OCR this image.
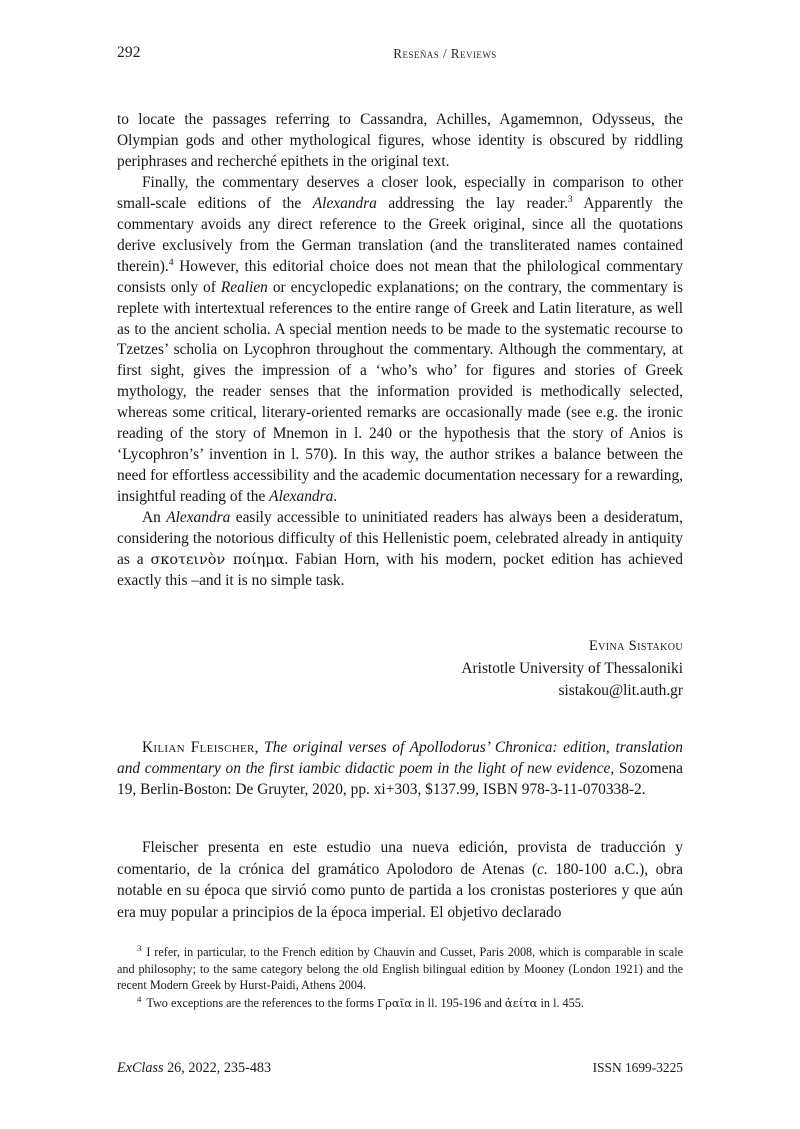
292	Reseñas / Reviews

to locate the passages referring to Cassandra, Achilles, Agamemnon, Odysseus, the Olympian gods and other mythological figures, whose identity is obscured by riddling periphrases and recherché epithets in the original text.

Finally, the commentary deserves a closer look, especially in comparison to other small-scale editions of the Alexandra addressing the lay reader.$^3$ Apparently the commentary avoids any direct reference to the Greek original, since all the quotations derive exclusively from the German translation (and the transliterated names contained therein).$^4$ However, this editorial choice does not mean that the philological commentary consists only of Realien or encyclopedic explanations; on the contrary, the commentary is replete with intertextual references to the entire range of Greek and Latin literature, as well as to the ancient scholia. A special mention needs to be made to the systematic recourse to Tzetzes’ scholia on Lycophron throughout the commentary. Although the commentary, at first sight, gives the impression of a ‘who’s who’ for figures and stories of Greek mythology, the reader senses that the information provided is methodically selected, whereas some critical, literary-oriented remarks are occasionally made (see e.g. the ironic reading of the story of Mnemon in l. 240 or the hypothesis that the story of Anios is ‘Lycophron’s’ invention in l. 570). In this way, the author strikes a balance between the need for effortless accessibility and the academic documentation necessary for a rewarding, insightful reading of the Alexandra.

An Alexandra easily accessible to uninitiated readers has always been a desideratum, considering the notorious difficulty of this Hellenistic poem, celebrated already in antiquity as a σκοτεινὸν ποίημα. Fabian Horn, with his modern, pocket edition has achieved exactly this –and it is no simple task.

Evina Sistakou
Aristotle University of Thessaloniki
sistakou@lit.auth.gr

Kilian Fleischer, The original verses of Apollodorus’ Chronica: edition, translation and commentary on the first iambic didactic poem in the light of new evidence, Sozomena 19, Berlin-Boston: De Gruyter, 2020, pp. xi+303, $137.99, ISBN 978-3-11-070338-2.

Fleischer presenta en este estudio una nueva edición, provista de traducción y comentario, de la crónica del gramático Apolodoro de Atenas (c. 180-100 a.C.), obra notable en su época que sirvió como punto de partida a los cronistas posteriores y que aún era muy popular a principios de la época imperial. El objetivo declarado

$^3$ I refer, in particular, to the French edition by Chauvin and Cusset, Paris 2008, which is comparable in scale and philosophy; to the same category belong the old English bilingual edition by Mooney (London 1921) and the recent Modern Greek by Hurst-Paidi, Athens 2004.

$^4$ Two exceptions are the references to the forms Γραῖα in ll. 195-196 and ἀείτα in l. 455.

ExClass 26, 2022, 235-483	ISSN 1699-3225
